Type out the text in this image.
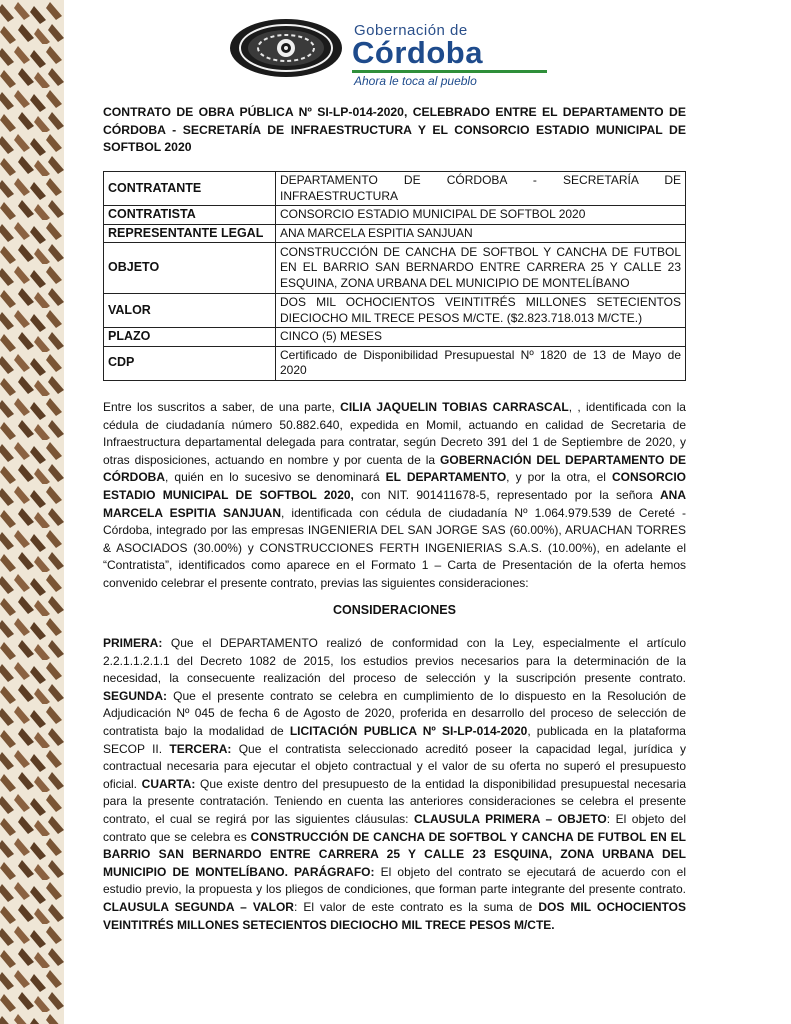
Gobernación de
Córdoba
Ahora le toca al pueblo
CONTRATO DE OBRA PÚBLICA Nº SI-LP-014-2020, CELEBRADO ENTRE EL DEPARTAMENTO DE CÓRDOBA - SECRETARÍA DE INFRAESTRUCTURA Y EL CONSORCIO ESTADIO MUNICIPAL DE SOFTBOL 2020
CONTRATANTE	DEPARTAMENTO DE CÓRDOBA - SECRETARÍA DE INFRAESTRUCTURA
CONTRATISTA	CONSORCIO ESTADIO MUNICIPAL DE SOFTBOL 2020
REPRESENTANTE LEGAL	ANA MARCELA ESPITIA SANJUAN
OBJETO	CONSTRUCCIÓN DE CANCHA DE SOFTBOL Y CANCHA DE FUTBOL EN EL BARRIO SAN BERNARDO ENTRE CARRERA 25 Y CALLE 23 ESQUINA, ZONA URBANA DEL MUNICIPIO DE MONTELÍBANO
VALOR	DOS MIL OCHOCIENTOS VEINTITRÉS MILLONES SETECIENTOS DIECIOCHO MIL TRECE PESOS M/CTE. ($2.823.718.013 M/CTE.)
PLAZO	CINCO (5) MESES
CDP	Certificado de Disponibilidad Presupuestal Nº 1820 de 13 de Mayo de 2020
Entre los suscritos a saber, de una parte, CILIA JAQUELIN TOBIAS CARRASCAL, , identificada con la cédula de ciudadanía número 50.882.640, expedida en Momil, actuando en calidad de Secretaria de Infraestructura departamental delegada para contratar, según Decreto 391 del 1 de Septiembre de 2020, y otras disposiciones, actuando en nombre y por cuenta de la GOBERNACIÓN DEL DEPARTAMENTO DE CÓRDOBA, quién en lo sucesivo se denominará EL DEPARTAMENTO, y por la otra, el CONSORCIO ESTADIO MUNICIPAL DE SOFTBOL 2020, con NIT. 901411678-5, representado por la señora ANA MARCELA ESPITIA SANJUAN, identificada con cédula de ciudadanía Nº 1.064.979.539 de Cereté - Córdoba, integrado por las empresas INGENIERIA DEL SAN JORGE SAS (60.00%), ARUACHAN TORRES & ASOCIADOS (30.00%) y CONSTRUCCIONES FERTH INGENIERIAS S.A.S. (10.00%), en adelante el “Contratista”, identificados como aparece en el Formato 1 – Carta de Presentación de la oferta hemos convenido celebrar el presente contrato, previas las siguientes consideraciones:
CONSIDERACIONES
PRIMERA: Que el DEPARTAMENTO realizó de conformidad con la Ley, especialmente el artículo 2.2.1.1.2.1.1 del Decreto 1082 de 2015, los estudios previos necesarios para la determinación de la necesidad, la consecuente realización del proceso de selección y la suscripción presente contrato. SEGUNDA: Que el presente contrato se celebra en cumplimiento de lo dispuesto en la Resolución de Adjudicación Nº 045 de fecha 6 de Agosto de 2020, proferida en desarrollo del proceso de selección de contratista bajo la modalidad de LICITACIÓN PUBLICA Nº SI-LP-014-2020, publicada en la plataforma SECOP II. TERCERA: Que el contratista seleccionado acreditó poseer la capacidad legal, jurídica y contractual necesaria para ejecutar el objeto contractual y el valor de su oferta no superó el presupuesto oficial. CUARTA: Que existe dentro del presupuesto de la entidad la disponibilidad presupuestal necesaria para la presente contratación. Teniendo en cuenta las anteriores consideraciones se celebra el presente contrato, el cual se regirá por las siguientes cláusulas: CLAUSULA PRIMERA – OBJETO: El objeto del contrato que se celebra es CONSTRUCCIÓN DE CANCHA DE SOFTBOL Y CANCHA DE FUTBOL EN EL BARRIO SAN BERNARDO ENTRE CARRERA 25 Y CALLE 23 ESQUINA, ZONA URBANA DEL MUNICIPIO DE MONTELÍBANO. PARÁGRAFO: El objeto del contrato se ejecutará de acuerdo con el estudio previo, la propuesta y los pliegos de condiciones, que forman parte integrante del presente contrato. CLAUSULA SEGUNDA – VALOR: El valor de este contrato es la suma de DOS MIL OCHOCIENTOS VEINTITRÉS MILLONES SETECIENTOS DIECIOCHO MIL TRECE PESOS M/CTE.
